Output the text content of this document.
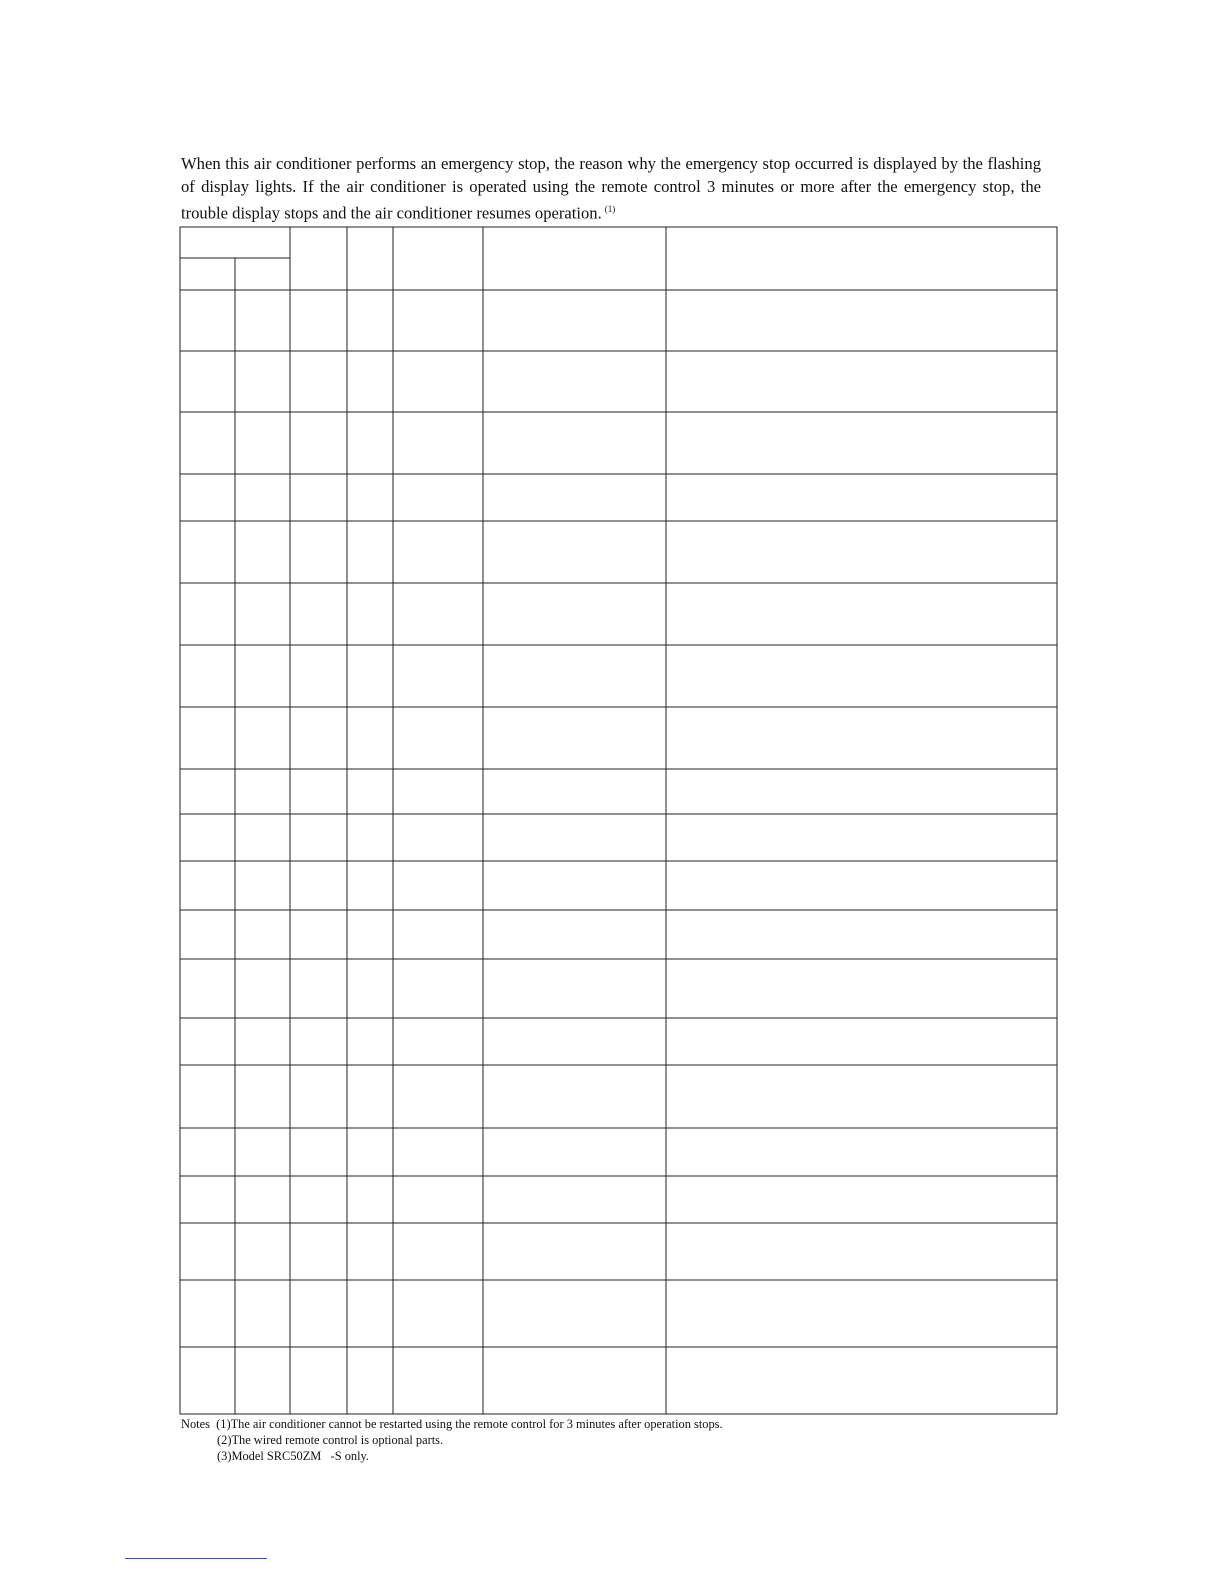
When this air conditioner performs an emergency stop, the reason why the emergency stop occurred is displayed by the flashing of display lights. If the air conditioner is operated using the remote control 3 minutes or more after the emergency stop, the trouble display stops and the air conditioner resumes operation. $^{(1)}$
Notes (1)The air conditioner cannot be restarted using the remote control for 3 minutes after operation stops.
(2)The wired remote control is optional parts.
(3)Model SRC50ZM   -S only.
